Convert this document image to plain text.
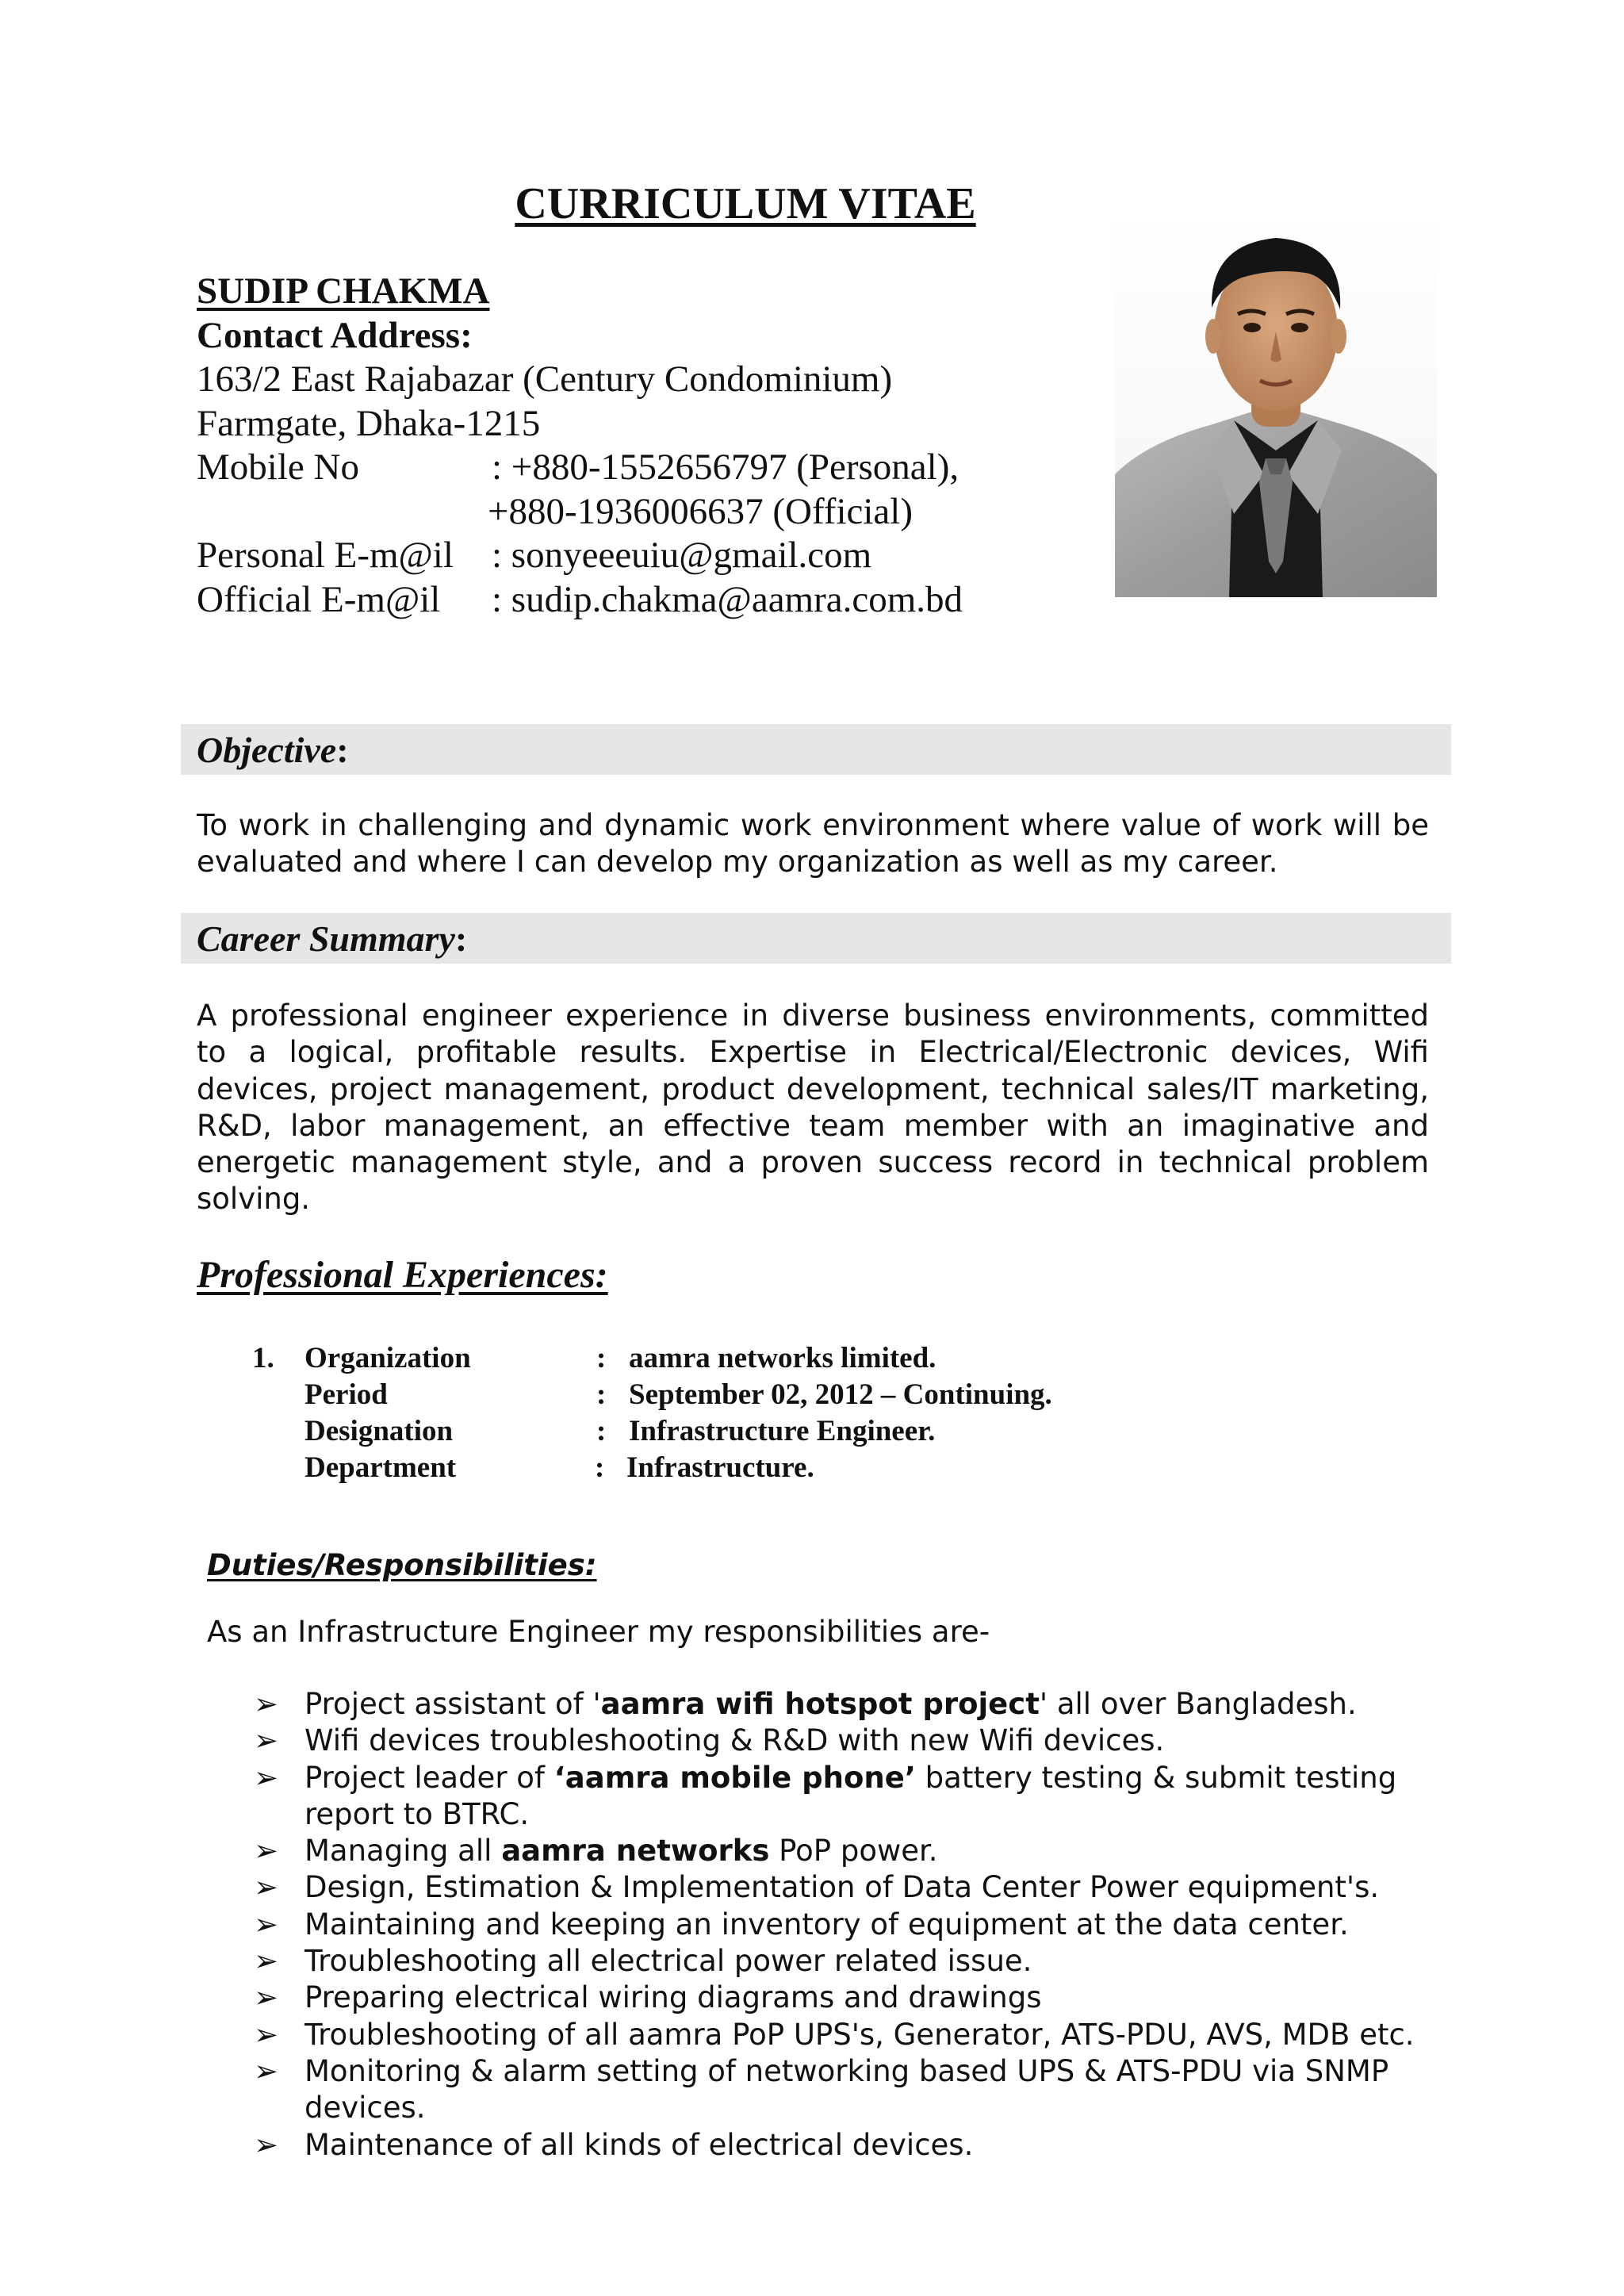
CURRICULUM VITAE
SUDIP CHAKMA
Contact Address:
163/2 East Rajabazar (Century Condominium)
Farmgate, Dhaka-1215
Mobile No	: +880-1552656797 (Personal),
+880-1936006637 (Official)
Personal E-m@il : sonyeeeuiu@gmail.com
Official E-m@il : sudip.chakma@aamra.com.bd
Objective:
To work in challenging and dynamic work environment where value of work will be evaluated and where I can develop my organization as well as my career.
Career Summary:
A professional engineer experience in diverse business environments, committed to a logical, profitable results. Expertise in Electrical/Electronic devices, Wifi devices, project management, product development, technical sales/IT marketing, R&D, labor management, an effective team member with an imaginative and energetic management style, and a proven success record in technical problem solving.
Professional Experiences:
1. Organization	: aamra networks limited.
Period	: September 02, 2012 – Continuing.
Designation	: Infrastructure Engineer.
Department	: Infrastructure.
Duties/Responsibilities:
As an Infrastructure Engineer my responsibilities are-
➢ Project assistant of 'aamra wifi hotspot project' all over Bangladesh.
➢ Wifi devices troubleshooting & R&D with new Wifi devices.
➢ Project leader of ‘aamra mobile phone’ battery testing & submit testing report to BTRC.
➢ Managing all aamra networks PoP power.
➢ Design, Estimation & Implementation of Data Center Power equipment's.
➢ Maintaining and keeping an inventory of equipment at the data center.
➢ Troubleshooting all electrical power related issue.
➢ Preparing electrical wiring diagrams and drawings
➢ Troubleshooting of all aamra PoP UPS's, Generator, ATS-PDU, AVS, MDB etc.
➢ Monitoring & alarm setting of networking based UPS & ATS-PDU via SNMP devices.
➢ Maintenance of all kinds of electrical devices.
